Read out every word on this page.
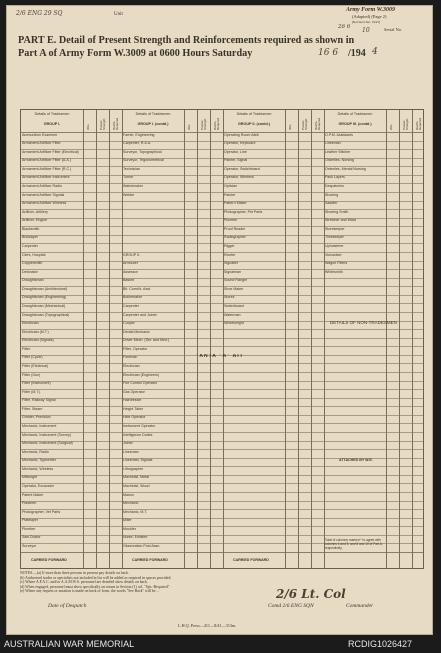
2/6 ENG 29 SQ	Unit
Army Form W.3009
(Adapted) (Page 2)
(Revised Jan. 1943)
Serial No.
10
26 6
PART E. Detail of Present Strength and Reinforcements required as shown in
Part A of Army Form W.3009 at 0600 Hours Saturday	16 6 /194 4
Details of Tradesmen
GROUP I.	W.E.	Posted Strength Reinfs. Required
Ammunition Examiner
Armament Artificer Fitter
Armament Artificer Fitter (Electrical)
Armament Artificer Fitter (A.A.)
Armament Artificer Fitter (R.C.)
Armament Artificer Instrument
Armament Artificer Radio
Armament Artificer Signals
Armament Artificer Wireless
Artificer, Artillery
Artificer, Engine
Blacksmith
Bricklayer
Carpenter
Clerk, Hospital
Coppersmith
Detonator
Draughtsman
Draughtsman (Architectural)
Draughtsman (Engineering)
Draughtsman (Mechanical)
Draughtsman (Topographical)
Electrician
Electrician (M.T.)
Electrician (Signals)
Fitter
Fitter (Cycle)
Fitter (Electrical)
Fitter (Gun)
Fitter (Instrument)
Fitter (M.T.)
Fitter, Railway Signal
Fitter, Steam
Grinder, Precision
Mechanic, Instrument
Mechanic, Instrument (Survey)
Mechanic, Instrument (Surgical)
Mechanic, Radio
Mechanic, Typewriter
Mechanic, Wireless
Millwright
Operator, Excavator
Patent Maker
Plasterer
Photographer, Vet Parts
Platelayer
Plumber
Saw Doctor
Surveyor
CARRIED FORWARD
Details of Tradesmen
GROUP I. (contd.)	W.E.	Posted Strength Reinfs. Required
Farrier, Engineering
Carpenter, R.A.A.
Surveyor, Topographical
Surveyor, Trigonometrical
Technician
Turner
Watchmaker
Welder
GROUP II.
Armourer
Assessor
Basket
Blt. Comd's. Asst.
Boilermaker
Carpenter
Carpenter and Joiner
Cooper
Dental Mechanic
Driver Mech. (Ser. and Med.)
Fitter, Operator
Foreman
Electrician
Electrician (Engineers)
Fire Control Operator
Gas Operator
Hairdresser
Height Taker
Hide Operator
Instrument Operator
Intelligence Duties
Joiner
Linesman
Linesman, Signals
Lithographer
Machinist, Metal
Machinist, Wood
Mason
Mechanic
Mechanic, M.T.
Miller
Moulder
Nurse, Enlisted
Observation Post Assn.
CARRIED FORWARD
Details of Tradesmen
GROUP II. (contd.)	W.E.	Posted Strength Reinfs. Required
Operating Room Attdt.
Operator, Keyboard
Operator, Line
Painter, Signal
Operator, Switchboard
Operator, Wireless
Optician
Painter
Pattern Maker
Photographer, Pet Parts
Plumber
Proof Reader
Radiographer
Rigger
Riveter
Signaller
Signalman
Sound Ranger
Shoe Maker
Stores
Switchboard
Waterman
Wheelwright
CARRIED FORWARD
Details of Tradesmen
GROUP III. (contd.)	W.E.	Posted Strength Reinfs. Required
O.P.M. Assistants
Linesman
Leather Stitcher
Orderlies, Nursing
Orderlies, Mental Nursing
Pack Layers
Despatches
Shoeing
Saddler
Shoeing Smith
Stretcher and Ward
Storekeeper
Timekeeper
Upholsterer
Vulcaniser
Wagon Fitters
Whitesmith
DETAILS OF NON-TRADESMEN
ATTACHED BY W.E.
"ANTA "A" AIT
Total of columns marked * to agree with columns 4 and 5, and 6 and 10 of Part A, respectively.
NOTES.—(a) If more than three persons in present pay details on back.
(b) Authorised trades or specialists not included in list will be added as required in spaces provided.
(c) Where A.F.A.C. and/or A.A.M.W.S. personnel are detailed show details on back.
(d) When engaged, personnel must show specifically on return in Section (1) col. "Sjts.-Required".
(e) Where any request or notation is made on back of form, the words "See Back" will be ...	2/6 Lt. Col
Date of Despatch	Comd 2/6 ENG SQN	Commander
L.H.Q. Press—411—8/41—313m.
AUSTRALIAN WAR MEMORIAL	RCDIG1026427
